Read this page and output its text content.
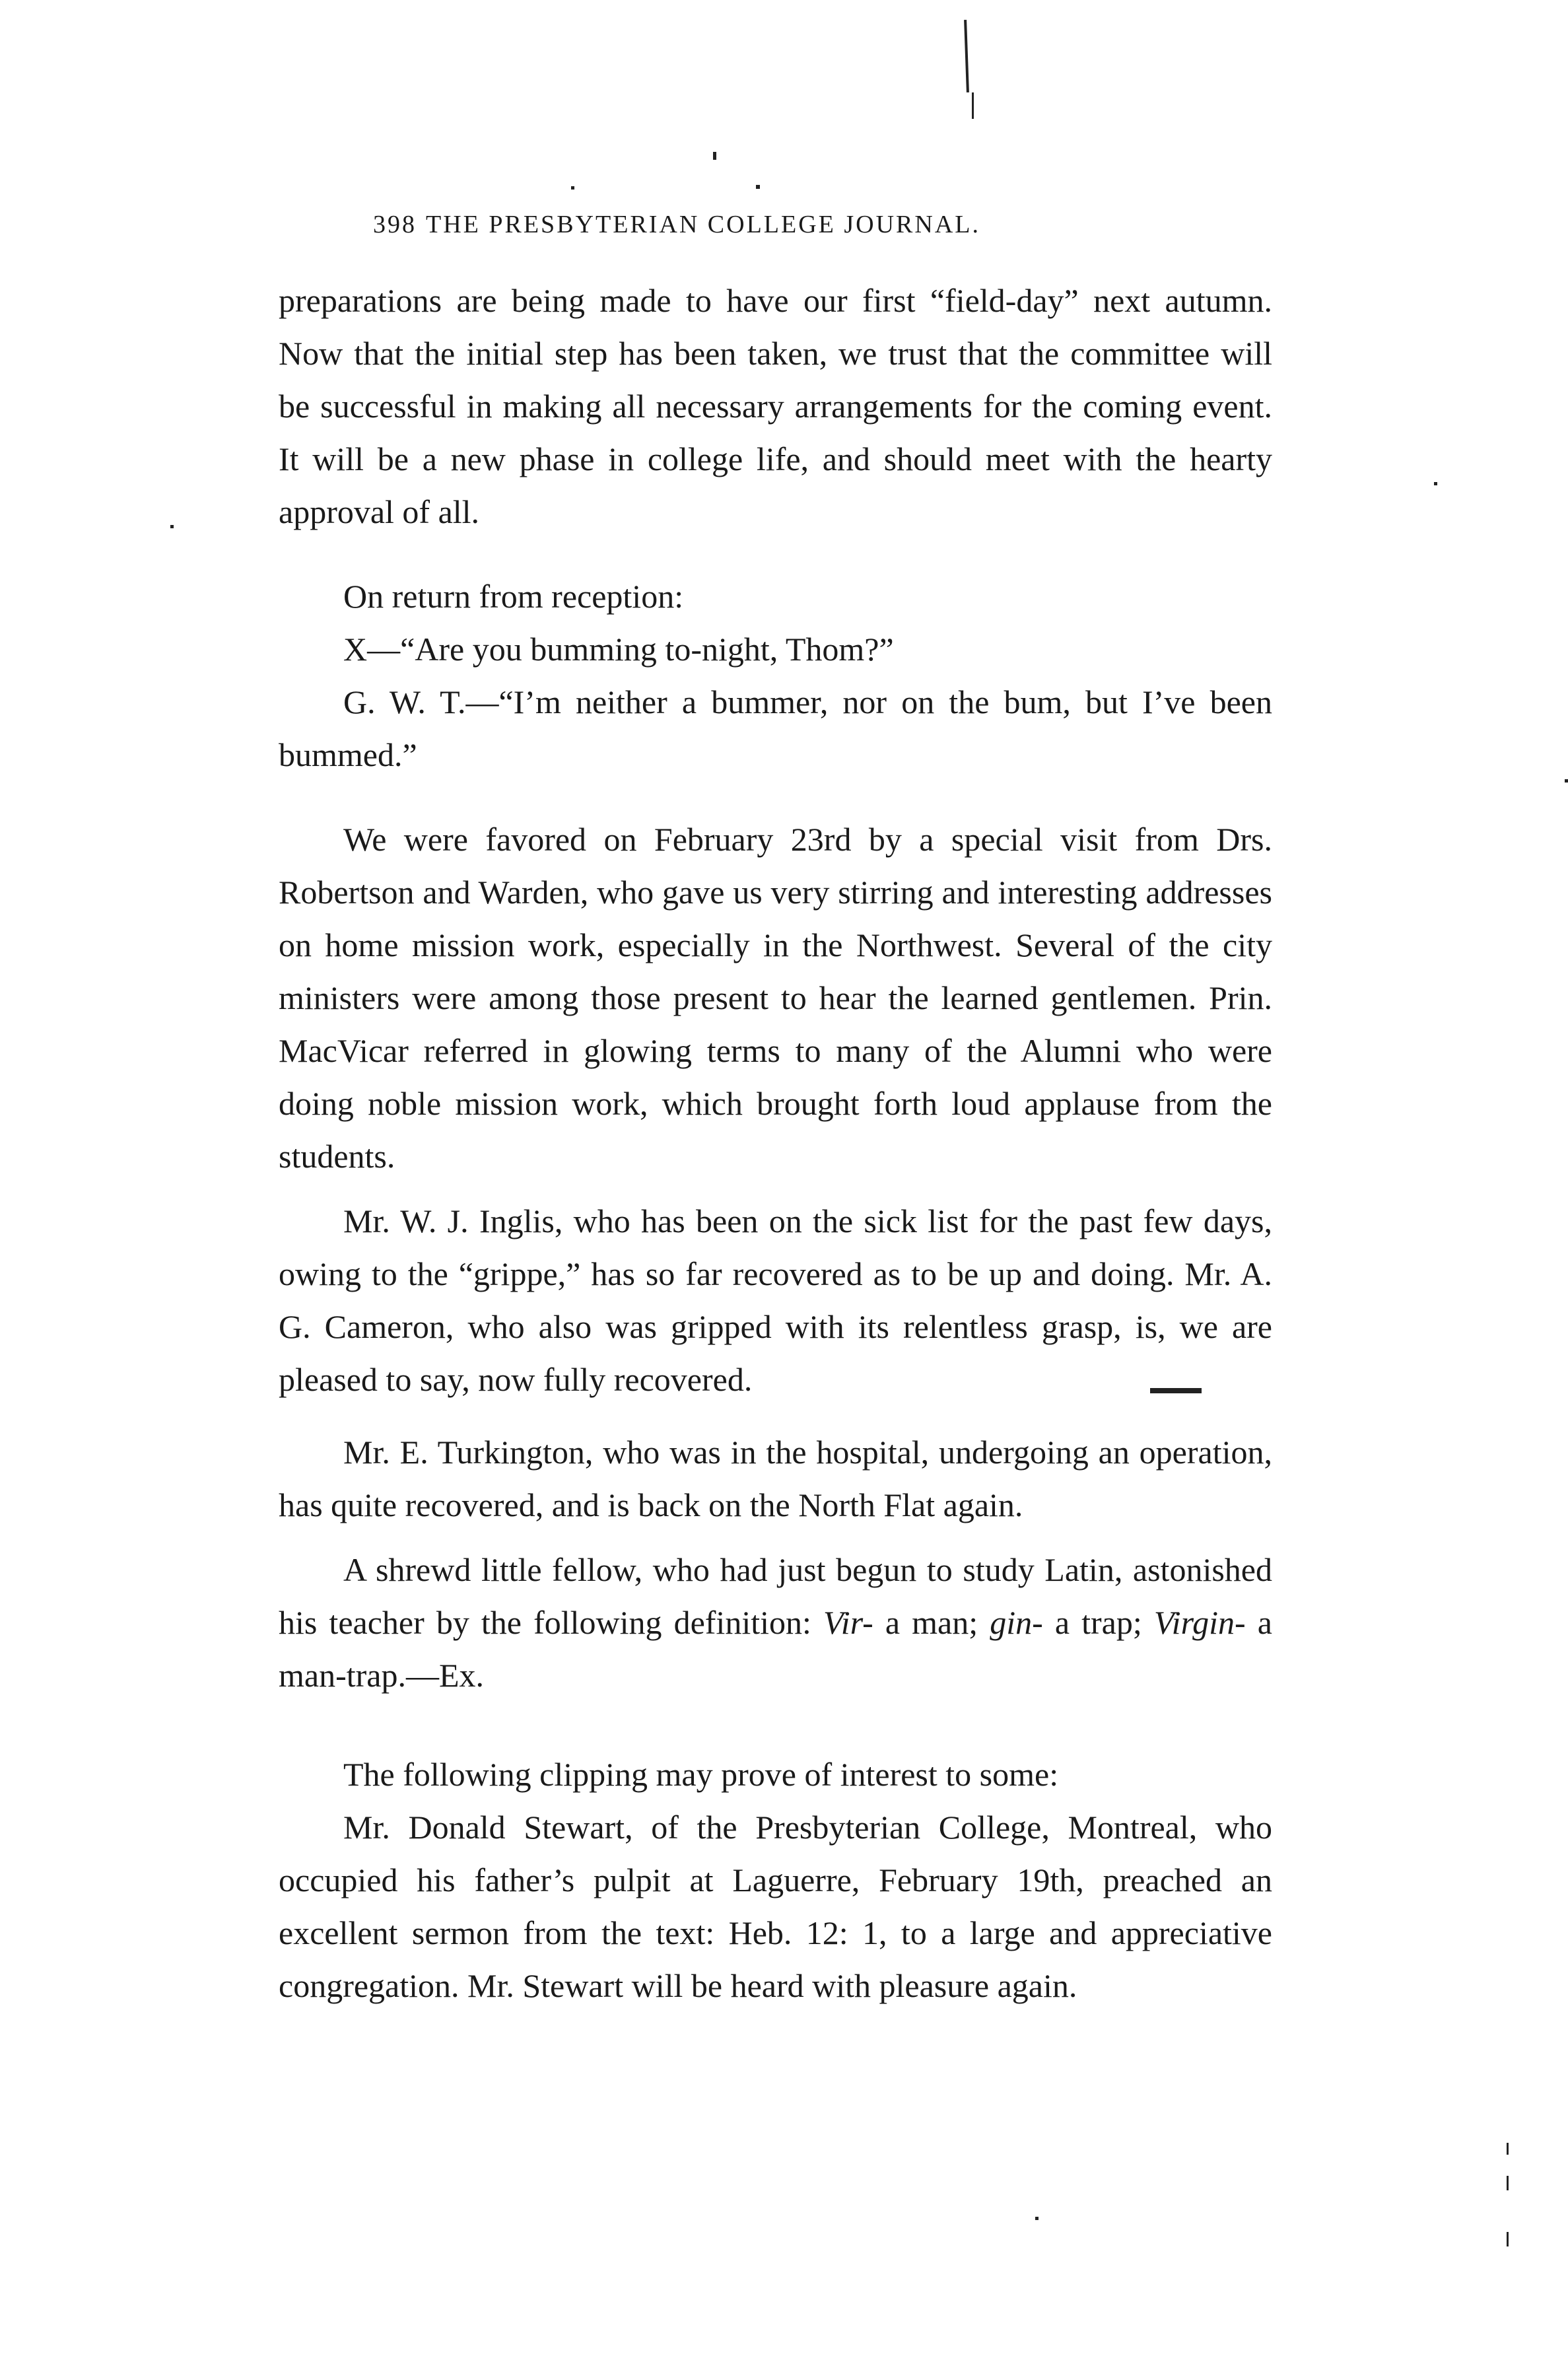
398 THE PRESBYTERIAN COLLEGE JOURNAL.

preparations are being made to have our first “field-day” next autumn. Now that the initial step has been taken, we trust that the committee will be successful in making all necessary arrangements for the coming event. It will be a new phase in college life, and should meet with the hearty approval of all.

On return from reception:

X—“Are you bumming to-night, Thom?”

G. W. T.—“I’m neither a bummer, nor on the bum, but I’ve been bummed.”

We were favored on February 23rd by a special visit from Drs. Robertson and Warden, who gave us very stirring and interesting addresses on home mission work, especially in the Northwest. Several of the city ministers were among those present to hear the learned gentlemen. Prin. MacVicar referred in glowing terms to many of the Alumni who were doing noble mission work, which brought forth loud applause from the students.

Mr. W. J. Inglis, who has been on the sick list for the past few days, owing to the “grippe,” has so far recovered as to be up and doing. Mr. A. G. Cameron, who also was gripped with its relentless grasp, is, we are pleased to say, now fully recovered.

Mr. E. Turkington, who was in the hospital, undergoing an operation, has quite recovered, and is back on the North Flat again.

A shrewd little fellow, who had just begun to study Latin, astonished his teacher by the following definition: Vir- a man; gin- a trap; Virgin- a man-trap.—Ex.

The following clipping may prove of interest to some:

Mr. Donald Stewart, of the Presbyterian College, Montreal, who occupied his father’s pulpit at Laguerre, February 19th, preached an excellent sermon from the text: Heb. 12: 1, to a large and appreciative congregation. Mr. Stewart will be heard with pleasure again.
